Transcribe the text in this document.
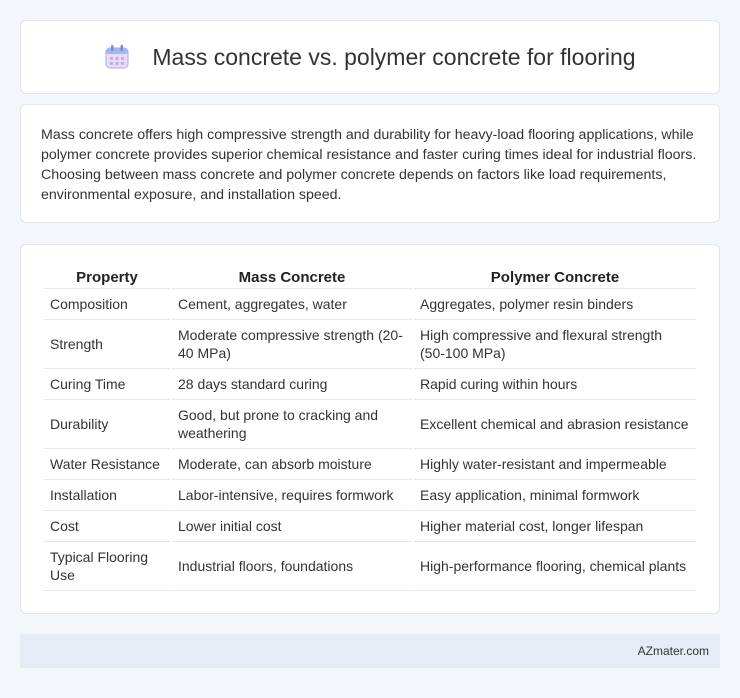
Mass concrete vs. polymer concrete for flooring

Mass concrete offers high compressive strength and durability for heavy-load flooring applications, while polymer concrete provides superior chemical resistance and faster curing times ideal for industrial floors. Choosing between mass concrete and polymer concrete depends on factors like load requirements, environmental exposure, and installation speed.

Property	Mass Concrete	Polymer Concrete
Composition	Cement, aggregates, water	Aggregates, polymer resin binders
Strength	Moderate compressive strength (20-40 MPa)	High compressive and flexural strength (50-100 MPa)
Curing Time	28 days standard curing	Rapid curing within hours
Durability	Good, but prone to cracking and weathering	Excellent chemical and abrasion resistance
Water Resistance	Moderate, can absorb moisture	Highly water-resistant and impermeable
Installation	Labor-intensive, requires formwork	Easy application, minimal formwork
Cost	Lower initial cost	Higher material cost, longer lifespan
Typical Flooring Use	Industrial floors, foundations	High-performance flooring, chemical plants
AZmater.com
